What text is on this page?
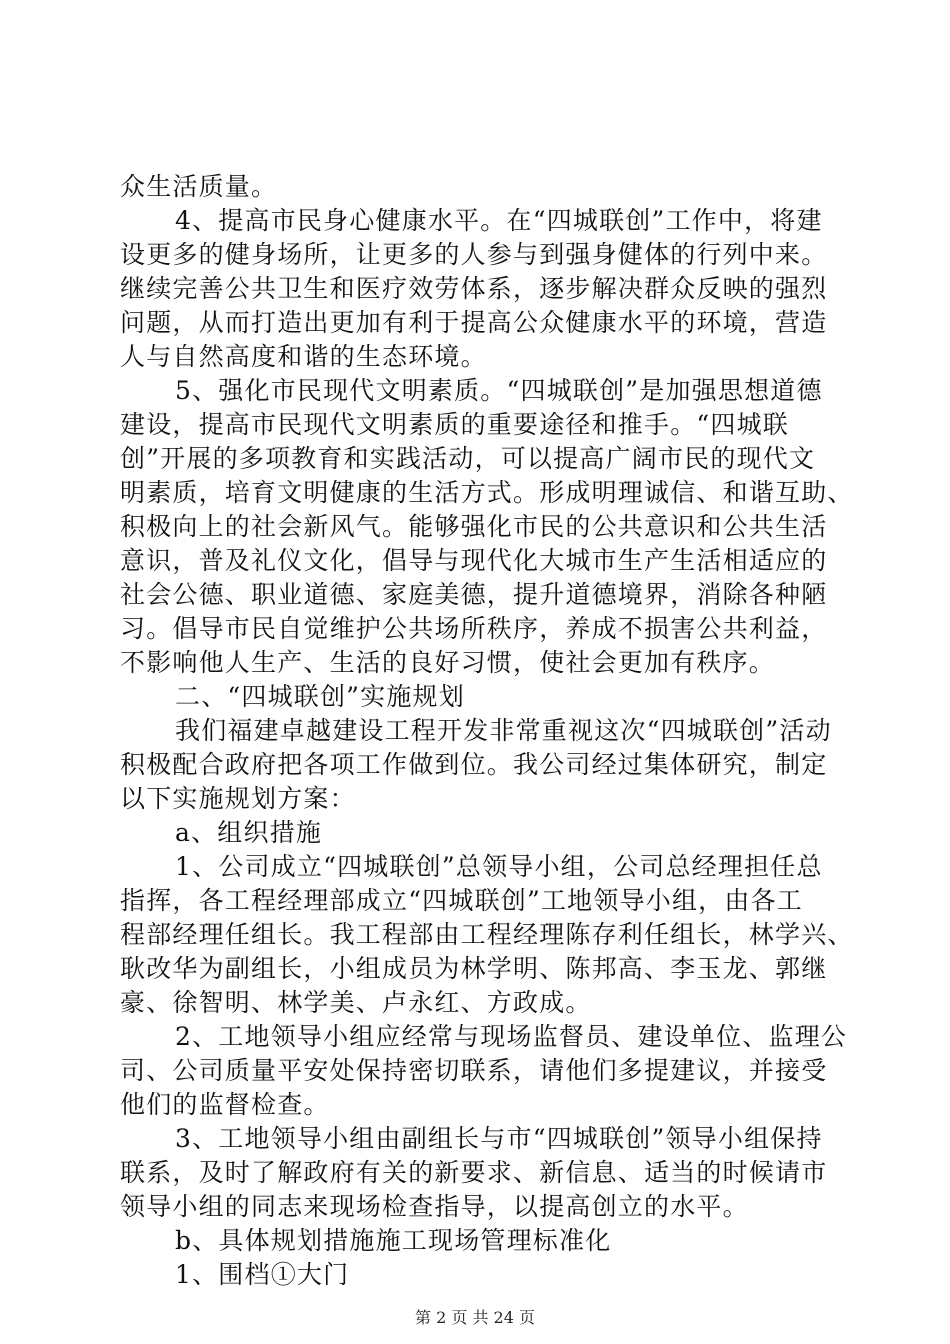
众生活质量。
4、提高市民身心健康水平。在“四城联创”工作中，将建
设更多的健身场所，让更多的人参与到强身健体的行列中来。
继续完善公共卫生和医疗效劳体系，逐步解决群众反映的强烈
问题，从而打造出更加有利于提高公众健康水平的环境，营造
人与自然高度和谐的生态环境。
5、强化市民现代文明素质。“四城联创”是加强思想道德
建设，提高市民现代文明素质的重要途径和推手。“四城联
创”开展的多项教育和实践活动，可以提高广阔市民的现代文
明素质，培育文明健康的生活方式。形成明理诚信、和谐互助、
积极向上的社会新风气。能够强化市民的公共意识和公共生活
意识，普及礼仪文化，倡导与现代化大城市生产生活相适应的
社会公德、职业道德、家庭美德，提升道德境界，消除各种陋
习。倡导市民自觉维护公共场所秩序，养成不损害公共利益，
不影响他人生产、生活的良好习惯，使社会更加有秩序。
二、“四城联创”实施规划
我们福建卓越建设工程开发非常重视这次“四城联创”活动
积极配合政府把各项工作做到位。我公司经过集体研究，制定
以下实施规划方案：
a、组织措施
1、公司成立“四城联创”总领导小组，公司总经理担任总
指挥，各工程经理部成立“四城联创”工地领导小组，由各工
程部经理任组长。我工程部由工程经理陈存利任组长，林学兴、
耿改华为副组长，小组成员为林学明、陈邦高、李玉龙、郭继
豪、徐智明、林学美、卢永红、方政成。
2、工地领导小组应经常与现场监督员、建设单位、监理公
司、公司质量平安处保持密切联系，请他们多提建议，并接受
他们的监督检查。
3、工地领导小组由副组长与市“四城联创”领导小组保持
联系，及时了解政府有关的新要求、新信息、适当的时候请市
领导小组的同志来现场检查指导，以提高创立的水平。
b、具体规划措施施工现场管理标准化
1、围档①大门
第 2 页 共 24 页
